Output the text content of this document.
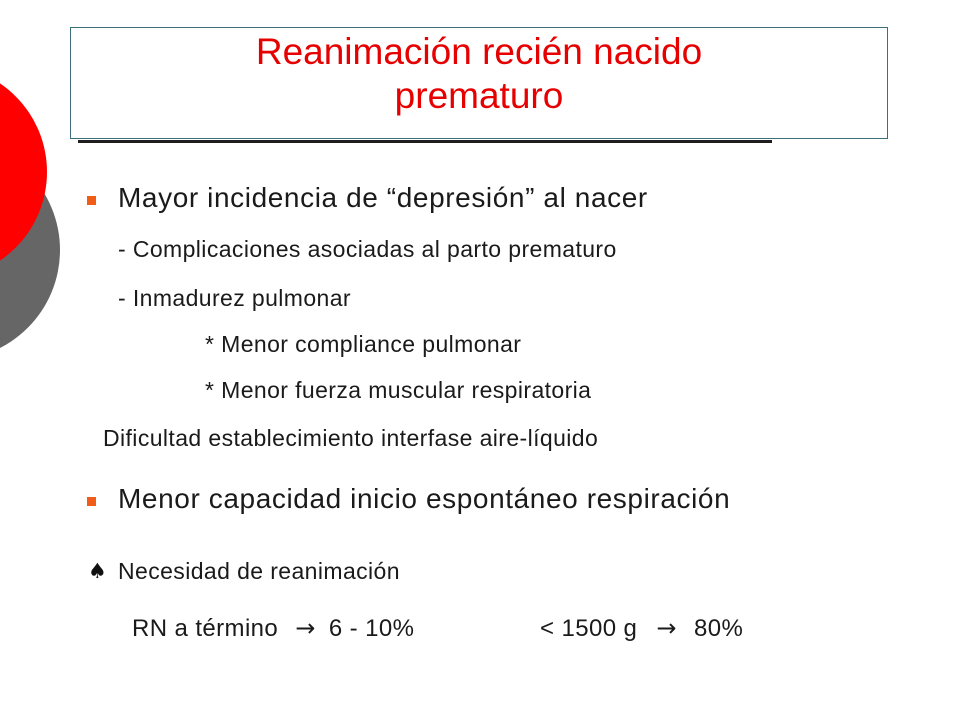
Reanimación recién nacido
prematuro
Mayor incidencia de “depresión” al nacer
- Complicaciones asociadas al parto prematuro
- Inmadurez pulmonar
* Menor compliance pulmonar
* Menor fuerza muscular respiratoria
Dificultad establecimiento interfase aire-líquido
Menor capacidad inicio espontáneo respiración
♠ Necesidad de reanimación
RN a término → 6 - 10%	< 1500 g → 80%
